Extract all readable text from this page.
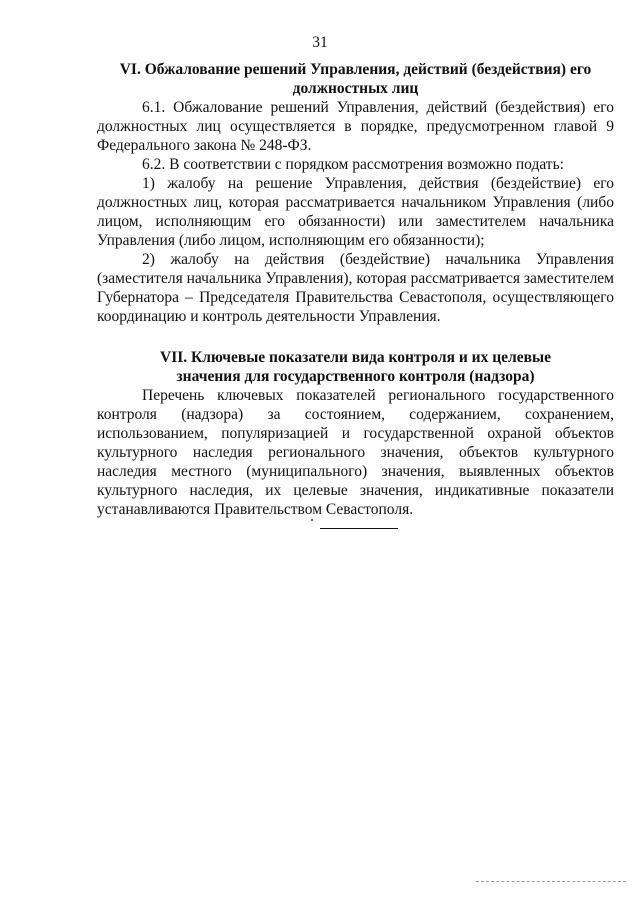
31
VI. Обжалование решений Управления, действий (бездействия) его
должностных лиц

6.1. Обжалование решений Управления, действий (бездействия) его должностных лиц осуществляется в порядке, предусмотренном главой 9 Федерального закона № 248-ФЗ.

6.2. В соответствии с порядком рассмотрения возможно подать:

1) жалобу на решение Управления, действия (бездействие) его должностных лиц, которая рассматривается начальником Управления (либо лицом, исполняющим его обязанности) или заместителем начальника Управления (либо лицом, исполняющим его обязанности);

2) жалобу на действия (бездействие) начальника Управления (заместителя начальника Управления), которая рассматривается заместителем Губернатора – Председателя Правительства Севастополя, осуществляющего координацию и контроль деятельности Управления.

VII. Ключевые показатели вида контроля и их целевые
значения для государственного контроля (надзора)

Перечень ключевых показателей регионального государственного контроля (надзора) за состоянием, содержанием, сохранением, использованием, популяризацией и государственной охраной объектов культурного наследия регионального значения, объектов культурного наследия местного (муниципального) значения, выявленных объектов культурного наследия, их целевые значения, индикативные показатели устанавливаются Правительством Севастополя.
